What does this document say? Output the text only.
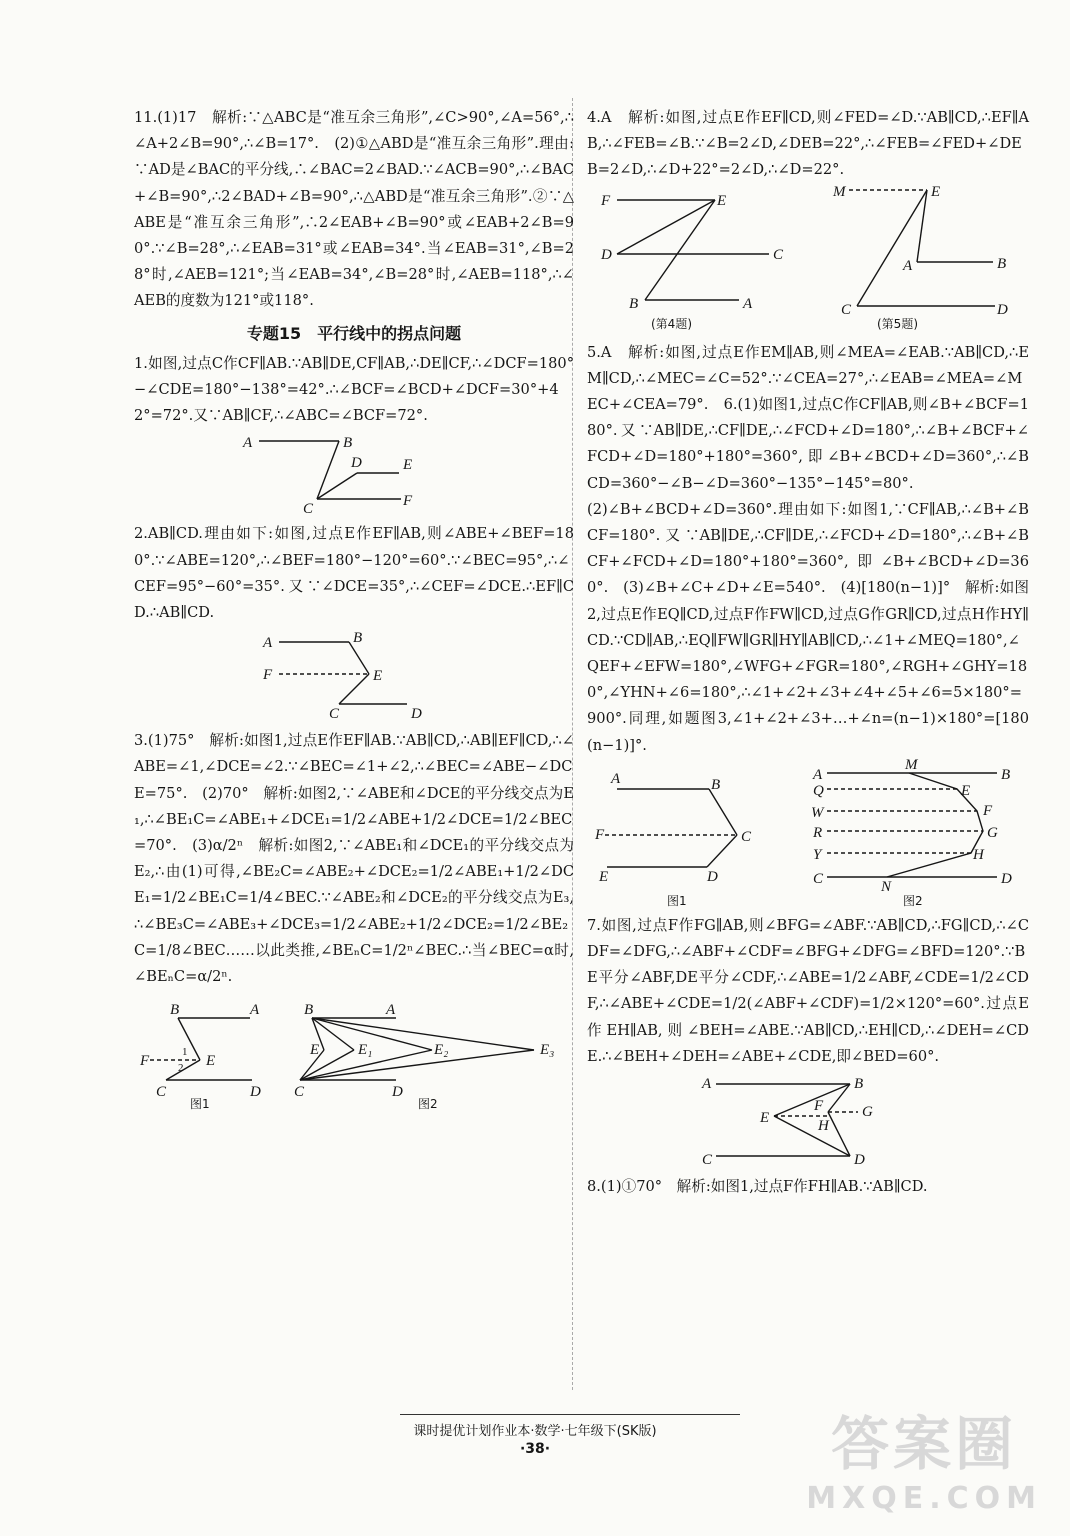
11.(1)17　解析:∵△ABC是“准互余三角形”,∠C>90°,∠A=56°,∴∠A+2∠B=90°,∴∠B=17°.　(2)①△ABD是“准互余三角形”.理由:∵AD是∠BAC的平分线,∴∠BAC=2∠BAD.∵∠ACB=90°,∴∠BAC+∠B=90°,∴2∠BAD+∠B=90°,∴△ABD是“准互余三角形”.②∵△ABE是“准互余三角形”,∴2∠EAB+∠B=90°或∠EAB+2∠B=90°.∵∠B=28°,∴∠EAB=31°或∠EAB=34°.当∠EAB=31°,∠B=28°时,∠AEB=121°;当∠EAB=34°,∠B=28°时,∠AEB=118°,∴∠AEB的度数为121°或118°.

专题15　平行线中的拐点问题

1.如图,过点C作CF∥AB.∵AB∥DE,CF∥AB,∴DE∥CF,∴∠DCF=180°−∠CDE=180°−138°=42°.∴∠BCF=∠BCD+∠DCF=30°+42°=72°.又∵AB∥CF,∴∠ABC=∠BCF=72°.

A	B
D	E
C	F

2.AB∥CD.理由如下:如图,过点E作EF∥AB,则∠ABE+∠BEF=180°.∵∠ABE=120°,∴∠BEF=180°−120°=60°.∵∠BEC=95°,∴∠CEF=95°−60°=35°.又∵∠DCE=35°,∴∠CEF=∠DCE.∴EF∥CD.∴AB∥CD.

A	B
F	E
C	D

3.(1)75°　解析:如图1,过点E作EF∥AB.∵AB∥CD,∴AB∥EF∥CD,∴∠ABE=∠1,∠DCE=∠2.∵∠BEC=∠1+∠2,∴∠BEC=∠ABE−∠DCE=75°.　(2)70°　解析:如图2,∵∠ABE和∠DCE的平分线交点为E₁,∴∠BE₁C=∠ABE₁+∠DCE₁=1/2∠ABE+1/2∠DCE=1/2∠BEC=70°.　(3)α/2ⁿ　解析:如图2,∵∠ABE₁和∠DCE₁的平分线交点为E₂,∴由(1)可得,∠BE₂C=∠ABE₂+∠DCE₂=1/2∠ABE₁+1/2∠DCE₁=1/2∠BE₁C=1/4∠BEC.∵∠ABE₂和∠DCE₂的平分线交点为E₃,∴∠BE₃C=∠ABE₃+∠DCE₃=1/2∠ABE₂+1/2∠DCE₂=1/2∠BE₂C=1/8∠BEC……以此类推,∠BEₙC=1/2ⁿ∠BEC.∴当∠BEC=α时,∠BEₙC=α/2ⁿ.

B	A
F	E
1
2
C	D
图1
B	A
E	E₁	E₂	E₃
C	D
图2

4.A　解析:如图,过点E作EF∥CD,则∠FED=∠D.∵AB∥CD,∴EF∥AB,∴∠FEB=∠B.∵∠B=2∠D,∠DEB=22°,∴∠FEB=∠FED+∠DEB=2∠D,∴∠D+22°=2∠D,∴∠D=22°.

F	E
D	C
B	A
(第4题)
M	E
A	B
C	D
(第5题)

5.A　解析:如图,过点E作EM∥AB,则∠MEA=∠EAB.∵AB∥CD,∴EM∥CD,∴∠MEC=∠C=52°.∵∠CEA=27°,∴∠EAB=∠MEA=∠MEC+∠CEA=79°.　6.(1)如图1,过点C作CF∥AB,则∠B+∠BCF=180°.又∵AB∥DE,∴CF∥DE,∴∠FCD+∠D=180°,∴∠B+∠BCF+∠FCD+∠D=180°+180°=360°,即∠B+∠BCD+∠D=360°,∴∠BCD=360°−∠B−∠D=360°−135°−145°=80°.

(2)∠B+∠BCD+∠D=360°.理由如下:如图1,∵CF∥AB,∴∠B+∠BCF=180°.又∵AB∥DE,∴CF∥DE,∴∠FCD+∠D=180°,∴∠B+∠BCF+∠FCD+∠D=180°+180°=360°,即∠B+∠BCD+∠D=360°.　(3)∠B+∠C+∠D+∠E=540°.　(4)[180(n−1)]°　解析:如图2,过点E作EQ∥CD,过点F作FW∥CD,过点G作GR∥CD,过点H作HY∥CD.∵CD∥AB,∴EQ∥FW∥GR∥HY∥AB∥CD,∴∠1+∠MEQ=180°,∠QEF+∠EFW=180°,∠WFG+∠FGR=180°,∠RGH+∠GHY=180°,∠YHN+∠6=180°,∴∠1+∠2+∠3+∠4+∠5+∠6=5×180°=900°.同理,如题图3,∠1+∠2+∠3+…+∠n=(n−1)×180°=[180(n−1)]°.

A	B
F	C
E	D
图1
A	B
Q	E
W	F
R	G
Y	H
C	D
M
N
图2

7.如图,过点F作FG∥AB,则∠BFG=∠ABF.∵AB∥CD,∴FG∥CD,∴∠CDF=∠DFG,∴∠ABF+∠CDF=∠BFG+∠DFG=∠BFD=120°.∵BE平分∠ABF,DE平分∠CDF,∴∠ABE=1/2∠ABF,∠CDE=1/2∠CDF,∴∠ABE+∠CDE=1/2(∠ABF+∠CDF)=1/2×120°=60°.过点E作EH∥AB,则∠BEH=∠ABE.∵AB∥CD,∴EH∥CD,∴∠DEH=∠CDE.∴∠BEH+∠DEH=∠ABE+∠CDE,即∠BED=60°.

A	B
E
F	G
H
C	D

8.(1)①70°　解析:如图1,过点F作FH∥AB.∵AB∥CD.

课时提优计划作业本·数学·七年级下(SK版)
·38·	答案圈
MXQE.COM
